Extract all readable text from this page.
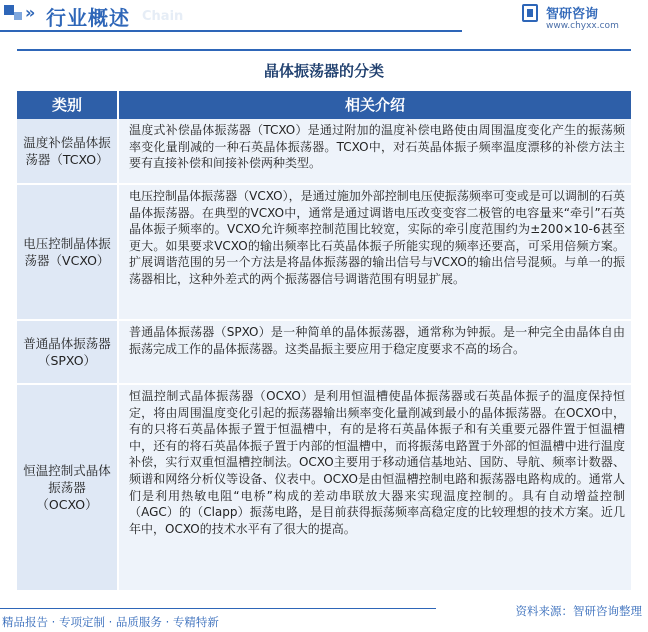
» 行业概述 Chain	智研咨询
www.chyxx.com
晶体振荡器的分类
类别	相关介绍
温度补偿晶体振荡器（TCXO）
温度式补偿晶体振荡器（TCXO）是通过附加的温度补偿电路使由周围温度变化产生的振荡频率变化量削减的一种石英晶体振荡器。TCXO中，对石英晶体振子频率温度漂移的补偿方法主要有直接补偿和间接补偿两种类型。
电压控制晶体振荡器（VCXO）
电压控制晶体振荡器（VCXO），是通过施加外部控制电压使振荡频率可变或是可以调制的石英晶体振荡器。在典型的VCXO中，通常是通过调谐电压改变变容二极管的电容量来“牵引”石英晶体振子频率的。VCXO允许频率控制范围比较宽，实际的牵引度范围约为±200×10-6甚至更大。如果要求VCXO的输出频率比石英晶体振子所能实现的频率还要高，可采用倍频方案。扩展调谐范围的另一个方法是将晶体振荡器的输出信号与VCXO的输出信号混频。与单一的振荡器相比，这种外差式的两个振荡器信号调谐范围有明显扩展。
普通晶体振荡器（SPXO）
普通晶体振荡器（SPXO）是一种简单的晶体振荡器，通常称为钟振。是一种完全由晶体自由振荡完成工作的晶体振荡器。这类晶振主要应用于稳定度要求不高的场合。
恒温控制式晶体振荡器（OCXO）
恒温控制式晶体振荡器（OCXO）是利用恒温槽使晶体振荡器或石英晶体振子的温度保持恒定，将由周围温度变化引起的振荡器输出频率变化量削减到最小的晶体振荡器。在OCXO中，有的只将石英晶体振子置于恒温槽中，有的是将石英晶体振子和有关重要元器件置于恒温槽中，还有的将石英晶体振子置于内部的恒温槽中，而将振荡电路置于外部的恒温槽中进行温度补偿，实行双重恒温槽控制法。OCXO主要用于移动通信基地站、国防、导航、频率计数器、频谱和网络分析仪等设备、仪表中。OCXO是由恒温槽控制电路和振荡器电路构成的。通常人们是利用热敏电阻“电桥”构成的差动串联放大器来实现温度控制的。具有自动增益控制（AGC）的（Clapp）振荡电路，是目前获得振荡频率高稳定度的比较理想的技术方案。近几年中，OCXO的技术水平有了很大的提高。
精品报告 · 专项定制 · 品质服务 · 专精特新
资料来源：智研咨询整理
